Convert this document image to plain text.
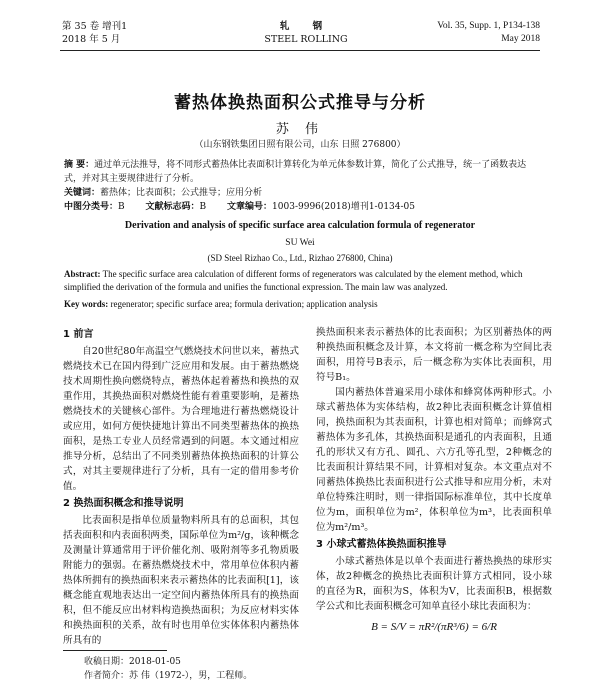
第 35 卷 增刊1
2018 年 5 月
轧 钢
STEEL ROLLING
Vol. 35, Supp. 1, P134-138
May 2018
蓄热体换热面积公式推导与分析
苏 伟
（山东钢铁集团日照有限公司，山东 日照 276800）
摘 要：通过单元法推导，将不同形式蓄热体比表面积计算转化为单元体参数计算，简化了公式推导，统一了函数表达式，并对其主要规律进行了分析。
关键词：蓄热体；比表面积；公式推导；应用分析
中图分类号：B 文献标志码：B 文章编号：1003-9996(2018)增刊1-0134-05
Derivation and analysis of specific surface area calculation formula of regenerator
SU Wei
(SD Steel Rizhao Co., Ltd., Rizhao 276800, China)
Abstract: The specific surface area calculation of different forms of regenerators was calculated by the element method, which simplified the derivation of the formula and unifies the functional expression. The main law was analyzed.
Key words: regenerator; specific surface area; formula derivation; application analysis
1 前言

自20世纪80年高温空气燃烧技术问世以来，蓄热式燃烧技术已在国内得到广泛应用和发展。由于蓄热燃烧技术周期性换向燃烧特点，蓄热体起着蓄热和换热的双重作用，其换热面积对燃烧性能有着重要影响，是蓄热燃烧技术的关键核心部件。为合理地进行蓄热燃烧设计或应用，如何方便快捷地计算出不同类型蓄热体的换热面积，是热工专业人员经常遇到的问题。本文通过相应推导分析，总结出了不同类别蓄热体换热面积的计算公式，对其主要规律进行了分析，具有一定的借用参考价值。

2 换热面积概念和推导说明

比表面积是指单位质量物料所具有的总面积，其包括表面积和内表面积两类，国际单位为m²/g，该种概念及测量计算通常用于评价催化剂、吸附剂等多孔物质吸附能力的强弱。在蓄热燃烧技术中，常用单位体积内蓄热体所拥有的换热面积来表示蓄热体的比表面积[1]，该概念能直观地表达出一定空间内蓄热体所具有的换热面积，但不能反应出材料构造换热面积；为反应材料实体和换热面积的关系，故有时也用单位实体体积内蓄热体所具有的

换热面积来表示蓄热体的比表面积；为区别蓄热体的两种换热面积概念及计算，本文将前一概念称为空间比表面积，用符号B表示，后一概念称为实体比表面积，用符号B₁。

国内蓄热体普遍采用小球体和蜂窝体两种形式。小球式蓄热体为实体结构，故2种比表面积概念计算值相同，换热面积为其表面积，计算也相对简单；而蜂窝式蓄热体为多孔体，其换热面积是通孔的内表面积，且通孔的形状又有方孔、圆孔、六方孔等孔型，2种概念的比表面积计算结果不同，计算相对复杂。本文重点对不同蓄热体换热比表面积进行公式推导和应用分析，未对单位特殊注明时，则一律指国际标准单位，其中长度单位为m，面积单位为m²，体积单位为m³，比表面积单位为m²/m³。

3 小球式蓄热体换热面积推导

小球式蓄热体是以单个表面进行蓄热换热的球形实体，故2种概念的换热比表面积计算方式相同，设小球的直径为R，面积为S，体积为V，比表面积B，根据数学公式和比表面积概念可知单直径小球比表面积为：

B = S/V = πR²/(πR³/6) = 6/R
收稿日期：2018-01-05
作者简介：苏 伟（1972-），男，工程师。
